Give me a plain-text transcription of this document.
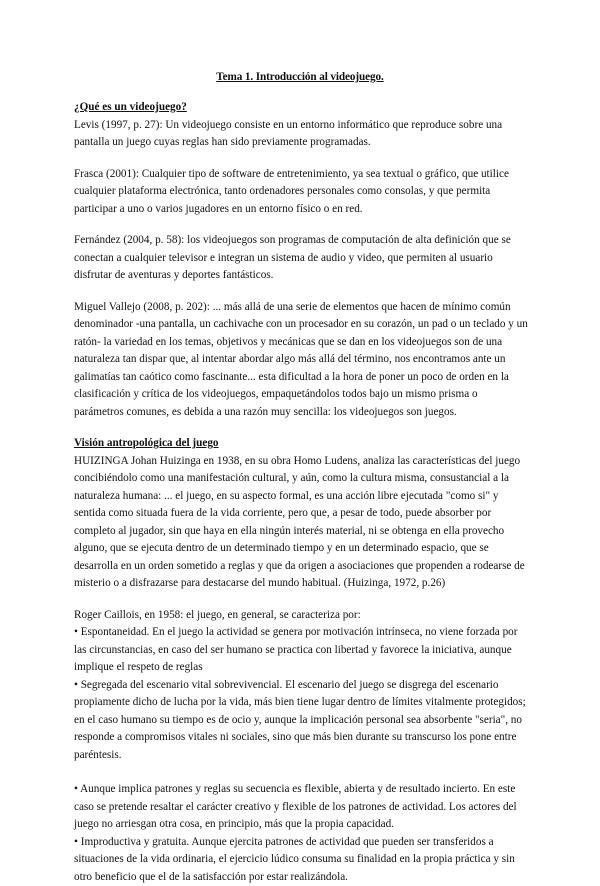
Tema 1. Introducción al videojuego.

¿Qué es un videojuego?

Levis (1997, p. 27): Un videojuego consiste en un entorno informático que reproduce sobre una pantalla un juego cuyas reglas han sido previamente programadas.

Frasca (2001): Cualquier tipo de software de entretenimiento, ya sea textual o gráfico, que utilice cualquier plataforma electrónica, tanto ordenadores personales como consolas, y que permita participar a uno o varios jugadores en un entorno físico o en red.

Fernández (2004, p. 58): los videojuegos son programas de computación de alta definición que se conectan a cualquier televisor e integran un sistema de audio y video, que permiten al usuario disfrutar de aventuras y deportes fantásticos.

Miguel Vallejo (2008, p. 202): ... más allá de una serie de elementos que hacen de mínimo común denominador -una pantalla, un cachivache con un procesador en su corazón, un pad o un teclado y un ratón- la variedad en los temas, objetivos y mecánicas que se dan en los videojuegos son de una naturaleza tan dispar que, al intentar abordar algo más allá del término, nos encontramos ante un galimatías tan caótico como fascinante... esta dificultad a la hora de poner un poco de orden en la clasificación y crítica de los videojuegos, empaquetándolos todos bajo un mismo prisma o parámetros comunes, es debida a una razón muy sencilla: los videojuegos son juegos.

Visión antropológica del juego

HUIZINGA Johan Huizinga en 1938, en su obra Homo Ludens, analiza las características del juego concibiéndolo como una manifestación cultural, y aún, como la cultura misma, consustancial a la naturaleza humana: ... el juego, en su aspecto formal, es una acción libre ejecutada "como si" y sentida como situada fuera de la vida corriente, pero que, a pesar de todo, puede absorber por completo al jugador, sin que haya en ella ningún interés material, ni se obtenga en ella provecho alguno, que se ejecuta dentro de un determinado tiempo y en un determinado espacio, que se desarrolla en un orden sometido a reglas y que da origen a asociaciones que propenden a rodearse de misterio o a disfrazarse para destacarse del mundo habitual. (Huizinga, 1972, p.26)

Roger Caillois, en 1958: el juego, en general, se caracteriza por:

• Espontaneidad. En el juego la actividad se genera por motivación intrínseca, no viene forzada por las circunstancias, en caso del ser humano se practica con libertad y favorece la iniciativa, aunque implique el respeto de reglas

• Segregada del escenario vital sobrevivencial. El escenario del juego se disgrega del escenario propiamente dicho de lucha por la vida, más bien tiene lugar dentro de límites vitalmente protegidos; en el caso humano su tiempo es de ocio y, aunque la implicación personal sea absorbente "seria", no responde a compromisos vitales ni sociales, sino que más bien durante su transcurso los pone entre paréntesis.

• Aunque implica patrones y reglas su secuencia es flexible, abierta y de resultado incierto. En este caso se pretende resaltar el carácter creativo y flexible de los patrones de actividad. Los actores del juego no arriesgan otra cosa, en principio, más que la propia capacidad.

• Improductiva y gratuita. Aunque ejercita patrones de actividad que pueden ser transferidos a situaciones de la vida ordinaria, el ejercicio lúdico consuma su finalidad en la propia práctica y sin otro beneficio que el de la satisfacción por estar realizándola.
